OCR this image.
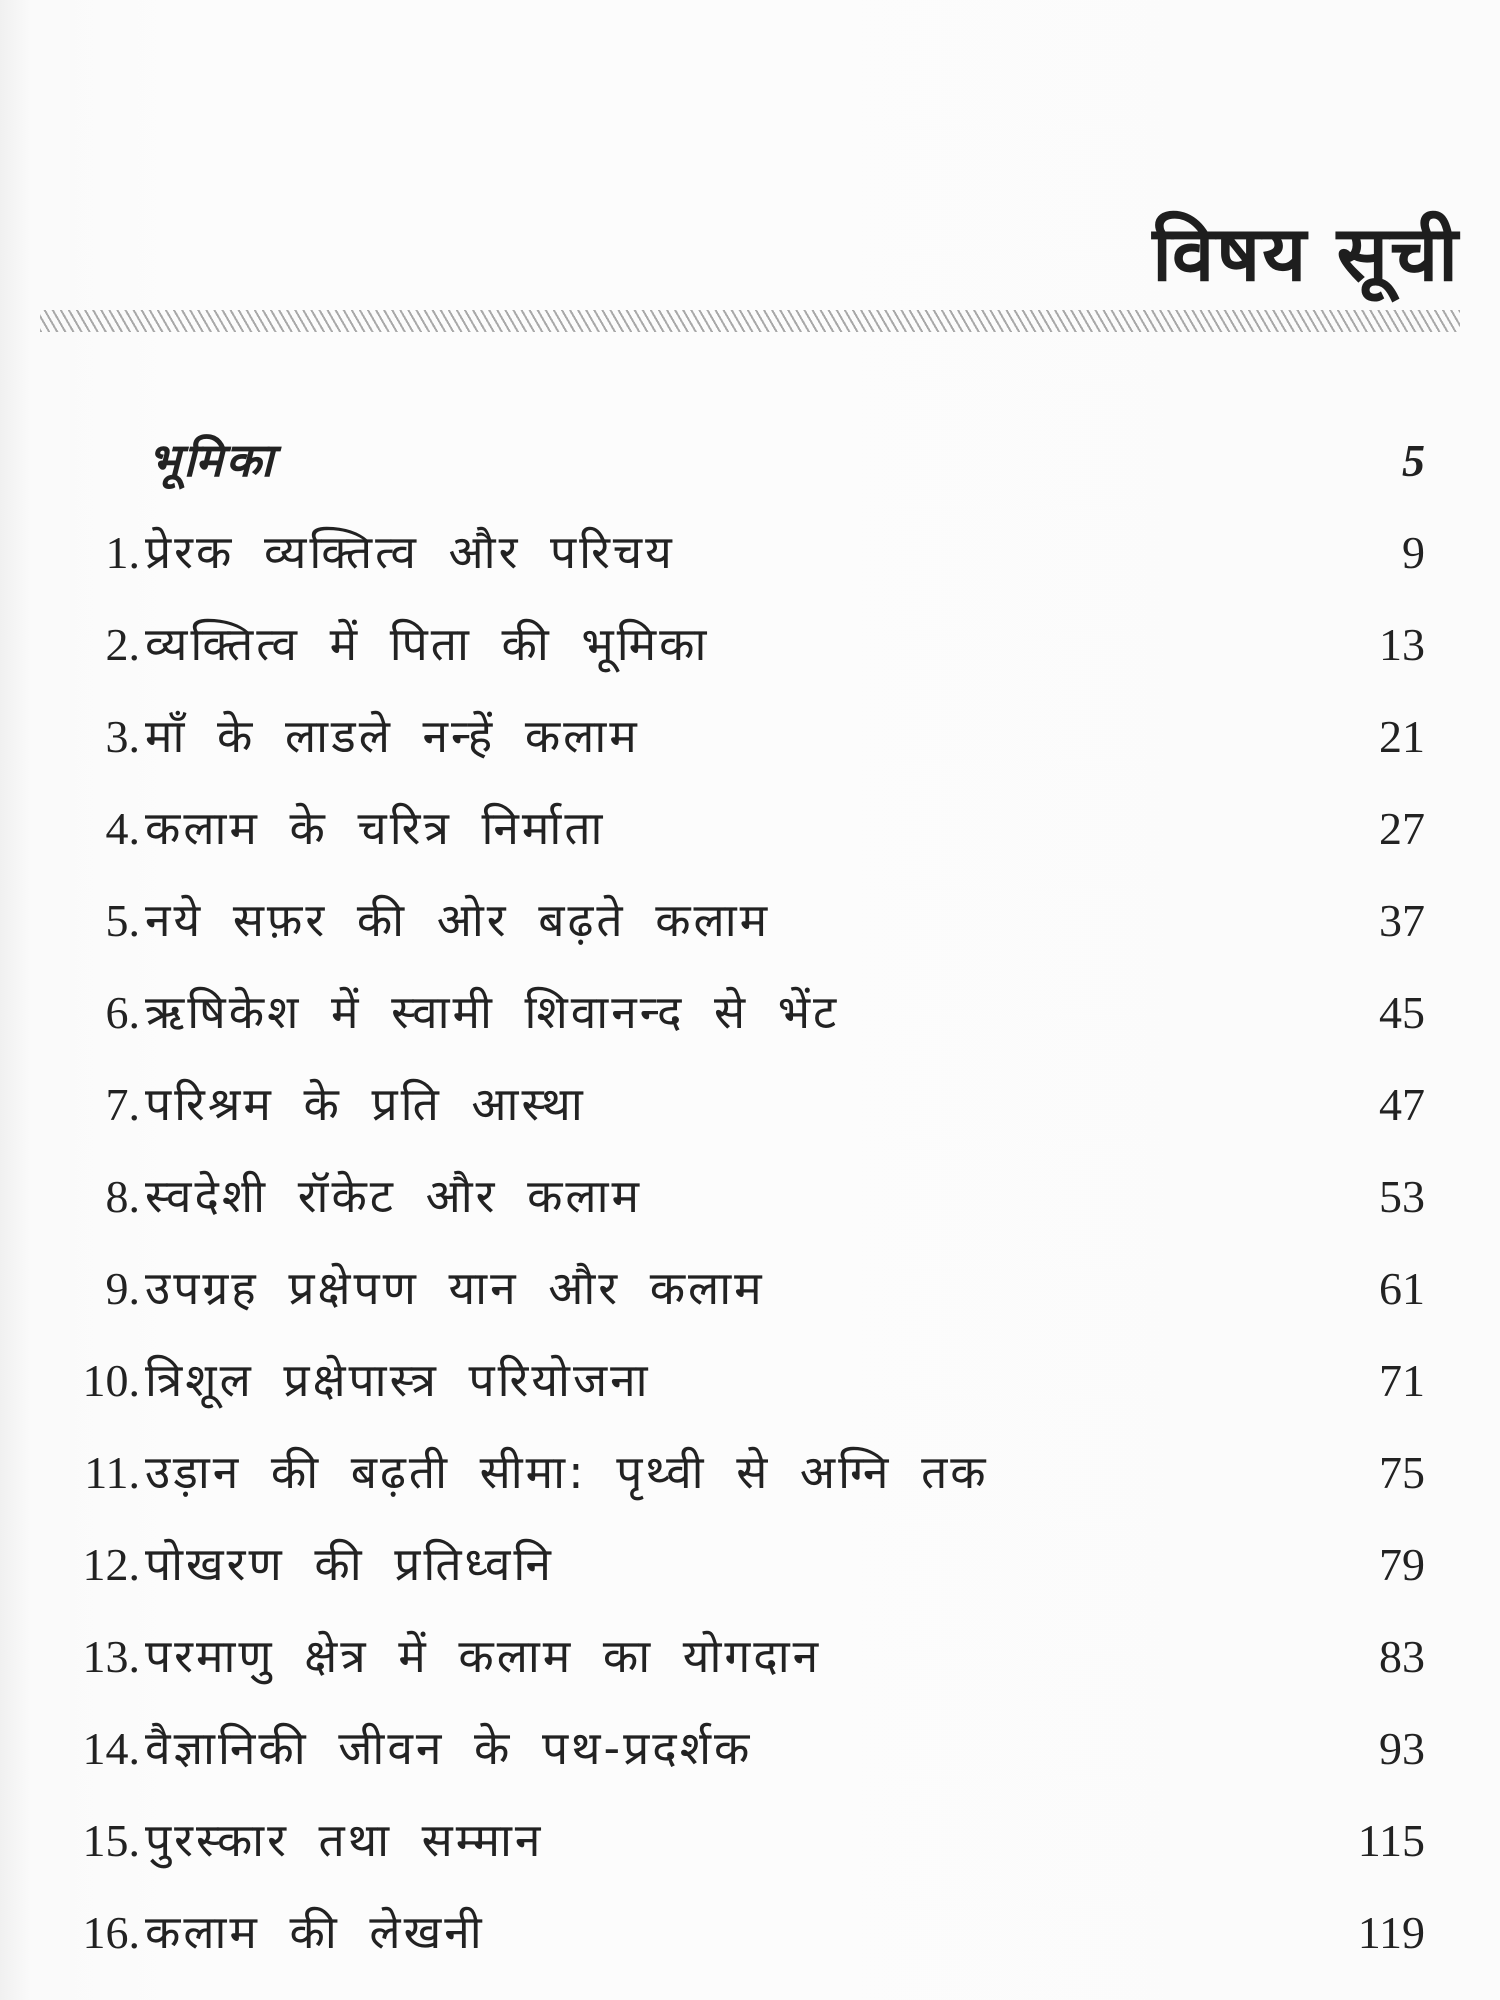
विषय सूची
भूमिका	5
1. प्रेरक व्यक्तित्व और परिचय	9
2. व्यक्तित्व में पिता की भूमिका	13
3. माँ के लाडले नन्हें कलाम	21
4. कलाम के चरित्र निर्माता	27
5. नये सफ़र की ओर बढ़ते कलाम	37
6. ऋषिकेश में स्वामी शिवानन्द से भेंट	45
7. परिश्रम के प्रति आस्था	47
8. स्वदेशी रॉकेट और कलाम	53
9. उपग्रह प्रक्षेपण यान और कलाम	61
10. त्रिशूल प्रक्षेपास्त्र परियोजना	71
11. उड़ान की बढ़ती सीमा: पृथ्वी से अग्नि तक	75
12. पोखरण की प्रतिध्वनि	79
13. परमाणु क्षेत्र में कलाम का योगदान	83
14. वैज्ञानिकी जीवन के पथ-प्रदर्शक	93
15. पुरस्कार तथा सम्मान	115
16. कलाम की लेखनी	119
